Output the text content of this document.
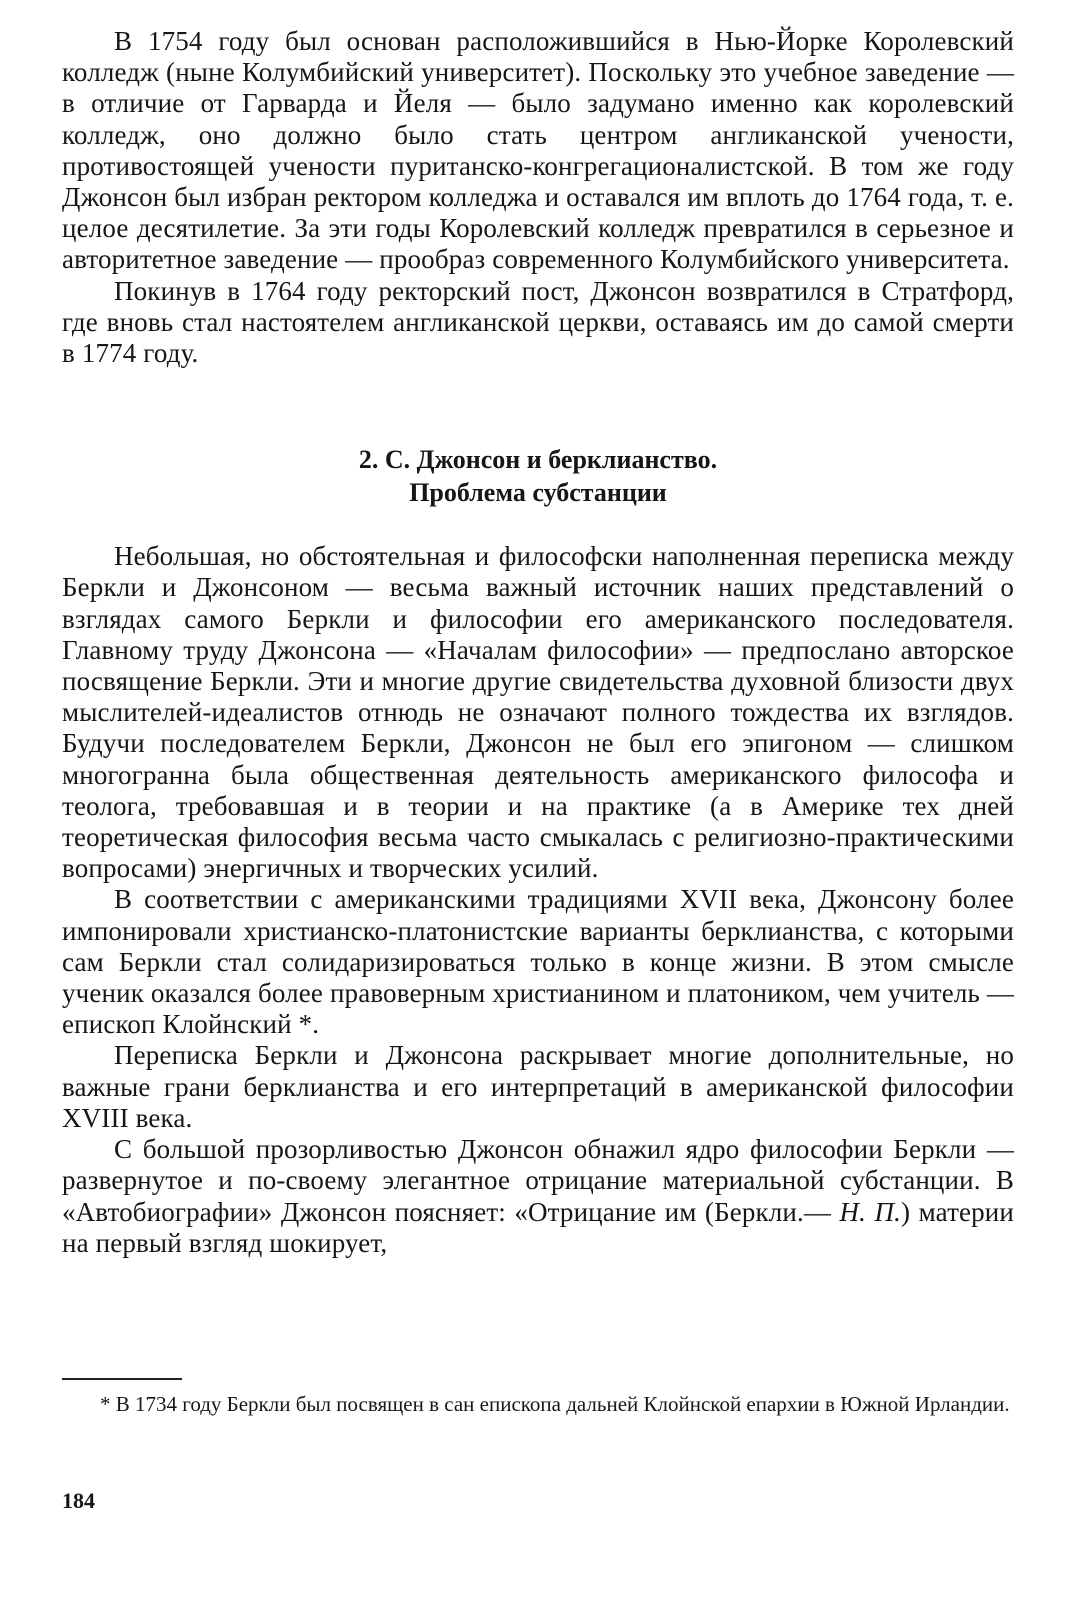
В 1754 году был основан расположившийся в Нью-Йорке Королевский колледж (ныне Колумбийский университет). Поскольку это учебное заведение — в отличие от Гарварда и Йеля — было задумано именно как королевский колледж, оно должно было стать центром англиканской учености, противостоящей учености пуританско-конгрегационалистской. В том же году Джонсон был избран ректором колледжа и оставался им вплоть до 1764 года, т. е. целое десятилетие. За эти годы Королевский колледж превратился в серьезное и авторитетное заведение — прообраз современного Колумбийского университета.

Покинув в 1764 году ректорский пост, Джонсон возвратился в Стратфорд, где вновь стал настоятелем англиканской церкви, оставаясь им до самой смерти в 1774 году.

2. С. Джонсон и берклианство.
Проблема субстанции

Небольшая, но обстоятельная и философски наполненная переписка между Беркли и Джонсоном — весьма важный источник наших представлений о взглядах самого Беркли и философии его американского последователя. Главному труду Джонсона — «Началам философии» — предпослано авторское посвящение Беркли. Эти и многие другие свидетельства духовной близости двух мыслителей-идеалистов отнюдь не означают полного тождества их взглядов. Будучи последователем Беркли, Джонсон не был его эпигоном — слишком многогранна была общественная деятельность американского философа и теолога, требовавшая и в теории и на практике (а в Америке тех дней теоретическая философия весьма часто смыкалась с религиозно-практическими вопросами) энергичных и творческих усилий.

В соответствии с американскими традициями XVII века, Джонсону более импонировали христианско-платонистские варианты берклианства, с которыми сам Беркли стал солидаризироваться только в конце жизни. В этом смысле ученик оказался более правоверным христианином и платоником, чем учитель — епископ Клойнский *.

Переписка Беркли и Джонсона раскрывает многие дополнительные, но важные грани берклианства и его интерпретаций в американской философии XVIII века.

С большой прозорливостью Джонсон обнажил ядро философии Беркли — развернутое и по-своему элегантное отрицание материальной субстанции. В «Автобиографии» Джонсон поясняет: «Отрицание им (Беркли.— Н. П.) материи на первый взгляд шокирует,

* В 1734 году Беркли был посвящен в сан епископа дальней Клойнской епархии в Южной Ирландии.

184
